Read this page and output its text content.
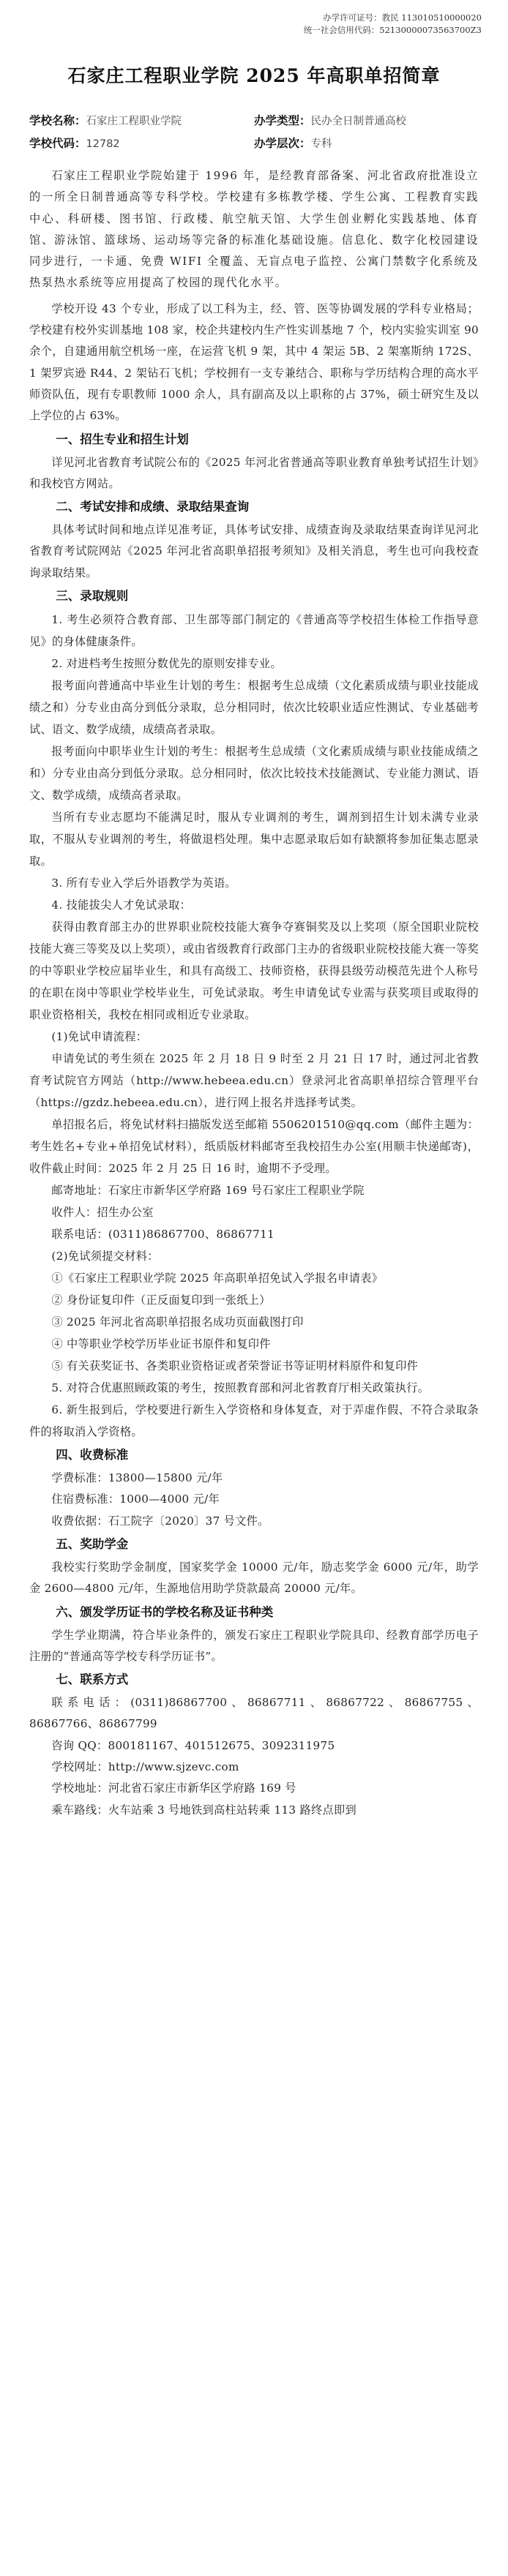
办学许可证号：教民 113010510000020
统一社会信用代码：52130000073563700Z3
石家庄工程职业学院 2025 年高职单招简章
学校名称：石家庄工程职业学院	办学类型：民办全日制普通高校
学校代码：12782	办学层次：专科

石家庄工程职业学院始建于 1996 年，是经教育部备案、河北省政府批准设立的一所全日制普通高等专科学校。学校建有多栋教学楼、学生公寓、工程教育实践中心、科研楼、图书馆、行政楼、航空航天馆、大学生创业孵化实践基地、体育馆、游泳馆、篮球场、运动场等完备的标准化基础设施。信息化、数字化校园建设同步进行，一卡通、免费 WIFI 全覆盖、无盲点电子监控、公寓门禁数字化系统及热泵热水系统等应用提高了校园的现代化水平。

学校开设 43 个专业，形成了以工科为主，经、管、医等协调发展的学科专业格局；学校建有校外实训基地 108 家，校企共建校内生产性实训基地 7 个，校内实验实训室 90 余个，自建通用航空机场一座，在运营飞机 9 架，其中 4 架运 5B、2 架塞斯纳 172S、1 架罗宾逊 R44、2 架钻石飞机；学校拥有一支专兼结合、职称与学历结构合理的高水平师资队伍，现有专职教师 1000 余人，具有副高及以上职称的占 37%，硕士研究生及以上学位的占 63%。

一、招生专业和招生计划

详见河北省教育考试院公布的《2025 年河北省普通高等职业教育单独考试招生计划》和我校官方网站。

二、考试安排和成绩、录取结果查询

具体考试时间和地点详见准考证，具体考试安排、成绩查询及录取结果查询详见河北省教育考试院网站《2025 年河北省高职单招报考须知》及相关消息，考生也可向我校查询录取结果。

三、录取规则

1. 考生必须符合教育部、卫生部等部门制定的《普通高等学校招生体检工作指导意见》的身体健康条件。

2. 对进档考生按照分数优先的原则安排专业。

报考面向普通高中毕业生计划的考生：根据考生总成绩（文化素质成绩与职业技能成绩之和）分专业由高分到低分录取，总分相同时，依次比较职业适应性测试、专业基础考试、语文、数学成绩，成绩高者录取。

报考面向中职毕业生计划的考生：根据考生总成绩（文化素质成绩与职业技能成绩之和）分专业由高分到低分录取。总分相同时，依次比较技术技能测试、专业能力测试、语文、数学成绩，成绩高者录取。

当所有专业志愿均不能满足时，服从专业调剂的考生，调剂到招生计划未满专业录取，不服从专业调剂的考生，将做退档处理。集中志愿录取后如有缺额将参加征集志愿录取。

3. 所有专业入学后外语教学为英语。

4. 技能拔尖人才免试录取：

获得由教育部主办的世界职业院校技能大赛争夺赛铜奖及以上奖项（原全国职业院校技能大赛三等奖及以上奖项），或由省级教育行政部门主办的省级职业院校技能大赛一等奖的中等职业学校应届毕业生，和具有高级工、技师资格，获得县级劳动模范先进个人称号的在职在岗中等职业学校毕业生，可免试录取。考生申请免试专业需与获奖项目或取得的职业资格相关，我校在相同或相近专业录取。

(1)免试申请流程：

申请免试的考生须在 2025 年 2 月 18 日 9 时至 2 月 21 日 17 时，通过河北省教育考试院官方网站（http://www.hebeea.edu.cn）登录河北省高职单招综合管理平台（https://gzdz.hebeea.edu.cn），进行网上报名并选择考试类。

单招报名后，将免试材料扫描版发送至邮箱 5506201510@qq.com（邮件主题为：考生姓名+专业+单招免试材料），纸质版材料邮寄至我校招生办公室(用顺丰快递邮寄)，收件截止时间：2025 年 2 月 25 日 16 时，逾期不予受理。

邮寄地址：石家庄市新华区学府路 169 号石家庄工程职业学院

收件人：招生办公室

联系电话：(0311)86867700、86867711

(2)免试须提交材料：

①《石家庄工程职业学院 2025 年高职单招免试入学报名申请表》

② 身份证复印件（正反面复印到一张纸上）

③ 2025 年河北省高职单招报名成功页面截图打印

④ 中等职业学校学历毕业证书原件和复印件

⑤ 有关获奖证书、各类职业资格证或者荣誉证书等证明材料原件和复印件

5. 对符合优惠照顾政策的考生，按照教育部和河北省教育厅相关政策执行。

6. 新生报到后，学校要进行新生入学资格和身体复查，对于弄虚作假、不符合录取条件的将取消入学资格。

四、收费标准

学费标准：13800—15800 元/年

住宿费标准：1000—4000 元/年

收费依据：石工院字〔2020〕37 号文件。

五、奖助学金

我校实行奖助学金制度，国家奖学金 10000 元/年，励志奖学金 6000 元/年，助学金 2600—4800 元/年，生源地信用助学贷款最高 20000 元/年。

六、颁发学历证书的学校名称及证书种类

学生学业期满，符合毕业条件的，颁发石家庄工程职业学院具印、经教育部学历电子注册的“普通高等学校专科学历证书”。

七、联系方式

联系电话：(0311)86867700、86867711、86867722、86867755、86867766、86867799

咨询 QQ：800181167、401512675、3092311975

学校网址：http://www.sjzevc.com

学校地址：河北省石家庄市新华区学府路 169 号

乘车路线：火车站乘 3 号地铁到高柱站转乘 113 路终点即到
